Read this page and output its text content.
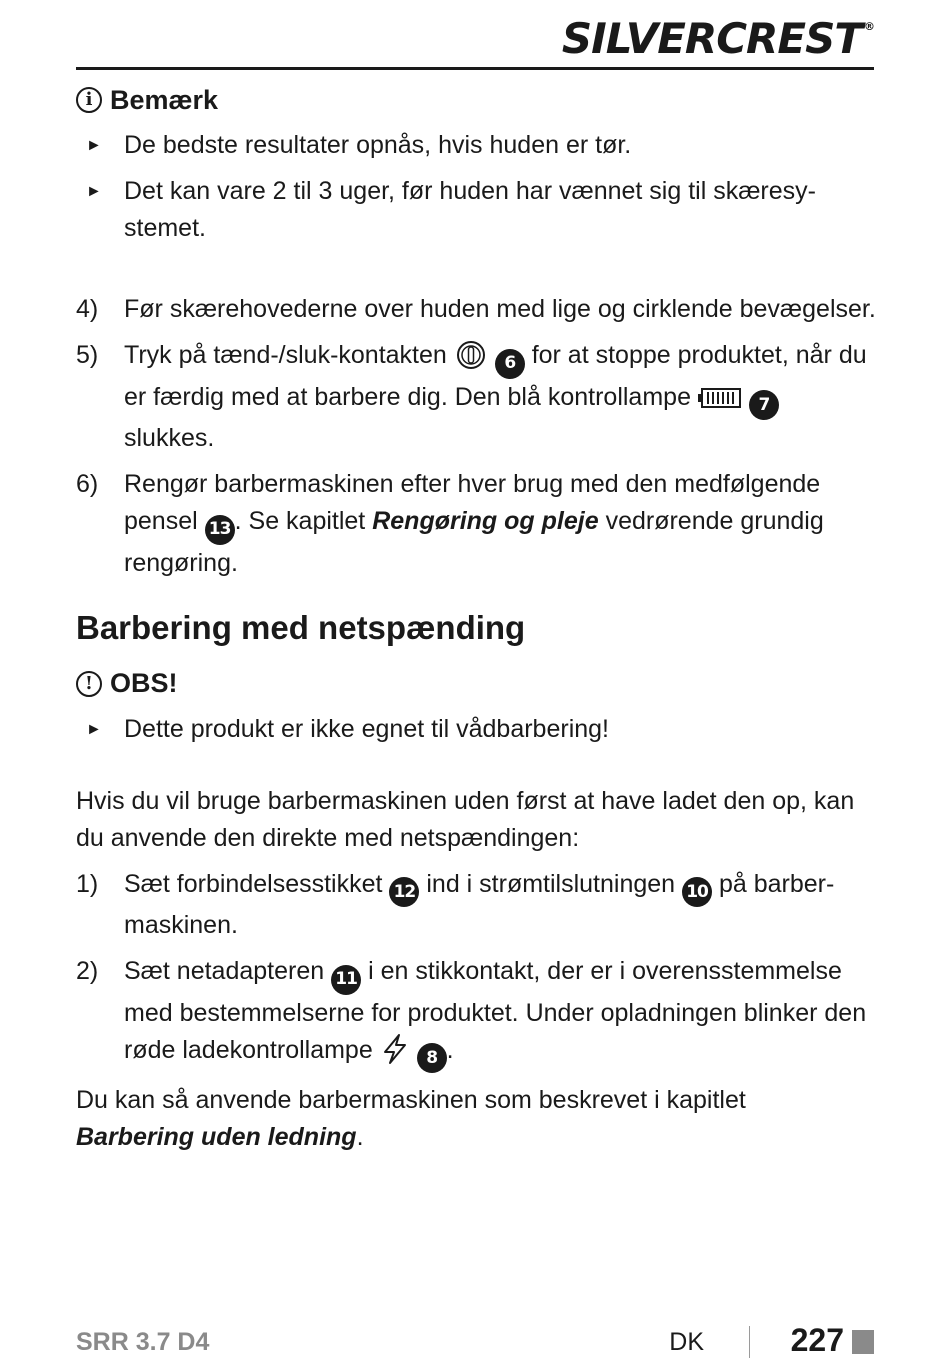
SILVERCREST ®
i Bemærk
► De bedste resultater opnås, hvis huden er tør.
► Det kan vare 2 til 3 uger, før huden har vænnet sig til skæresy-stemet.
4)	Før skærehovederne over huden med lige og cirklende bevægelser.
5)	Tryk på tænd-/sluk-kontakten	6 for at stoppe produktet, når du er færdig med at barbere dig. Den blå kontrollampe	7 slukkes.
6)	Rengør barbermaskinen efter hver brug med den medfølgende pensel 13 . Se kapitlet Rengøring og pleje vedrørende grundig rengøring.
Barbering med netspænding
! OBS!
► Dette produkt er ikke egnet til vådbarbering!

Hvis du vil bruge barbermaskinen uden først at have ladet den op, kan du anvende den direkte med netspændingen:

1)	Sæt forbindelsesstikket 12 ind i strømtilslutningen 10 på barber-maskinen.
2)	Sæt netadapteren 11 i en stikkontakt, der er i overensstemmelse med bestemmelserne for produktet. Under opladningen blinker den røde ladekontrollampe	8 .

Du kan så anvende barbermaskinen som beskrevet i kapitlet
Barbering uden ledning.

SRR 3.7 D4	DK	227
